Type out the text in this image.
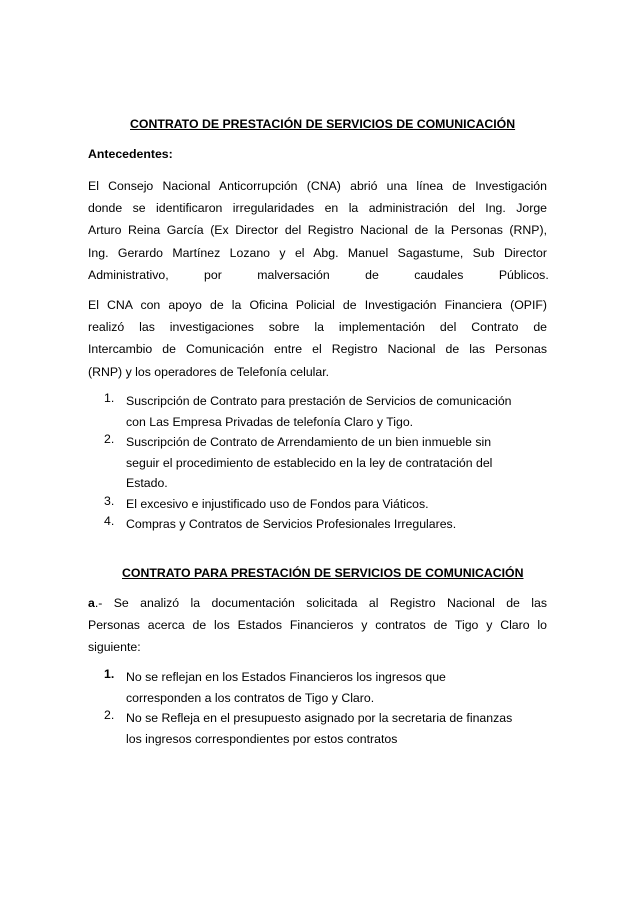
CONTRATO DE PRESTACIÓN DE SERVICIOS DE COMUNICACIÓN
Antecedentes:

El Consejo Nacional Anticorrupción (CNA) abrió una línea de Investigación
donde se identificaron irregularidades en la administración del Ing. Jorge
Arturo Reina García (Ex Director del Registro Nacional de la Personas (RNP),
Ing. Gerardo Martínez Lozano y el Abg. Manuel Sagastume, Sub Director
Administrativo, por malversación de caudales Públicos.

El CNA con apoyo de la Oficina Policial de Investigación Financiera (OPIF)
realizó las investigaciones sobre la implementación del Contrato de
Intercambio de Comunicación entre el Registro Nacional de las Personas
(RNP) y los operadores de Telefonía celular.

1. Suscripción de Contrato para prestación de Servicios de comunicación
con Las Empresa Privadas de telefonía Claro y Tigo.
2. Suscripción de Contrato de Arrendamiento de un bien inmueble sin
seguir el procedimiento de establecido en la ley de contratación del
Estado.
3. El excesivo e injustificado uso de Fondos para Viáticos.
4. Compras y Contratos de Servicios Profesionales Irregulares.
CONTRATO PARA PRESTACIÓN DE SERVICIOS DE COMUNICACIÓN

a.- Se analizó la documentación solicitada al Registro Nacional de las
Personas acerca de los Estados Financieros y contratos de Tigo y Claro lo
siguiente:

1. No se reflejan en los Estados Financieros los ingresos que
corresponden a los contratos de Tigo y Claro.
2. No se Refleja en el presupuesto asignado por la secretaria de finanzas
los ingresos correspondientes por estos contratos
